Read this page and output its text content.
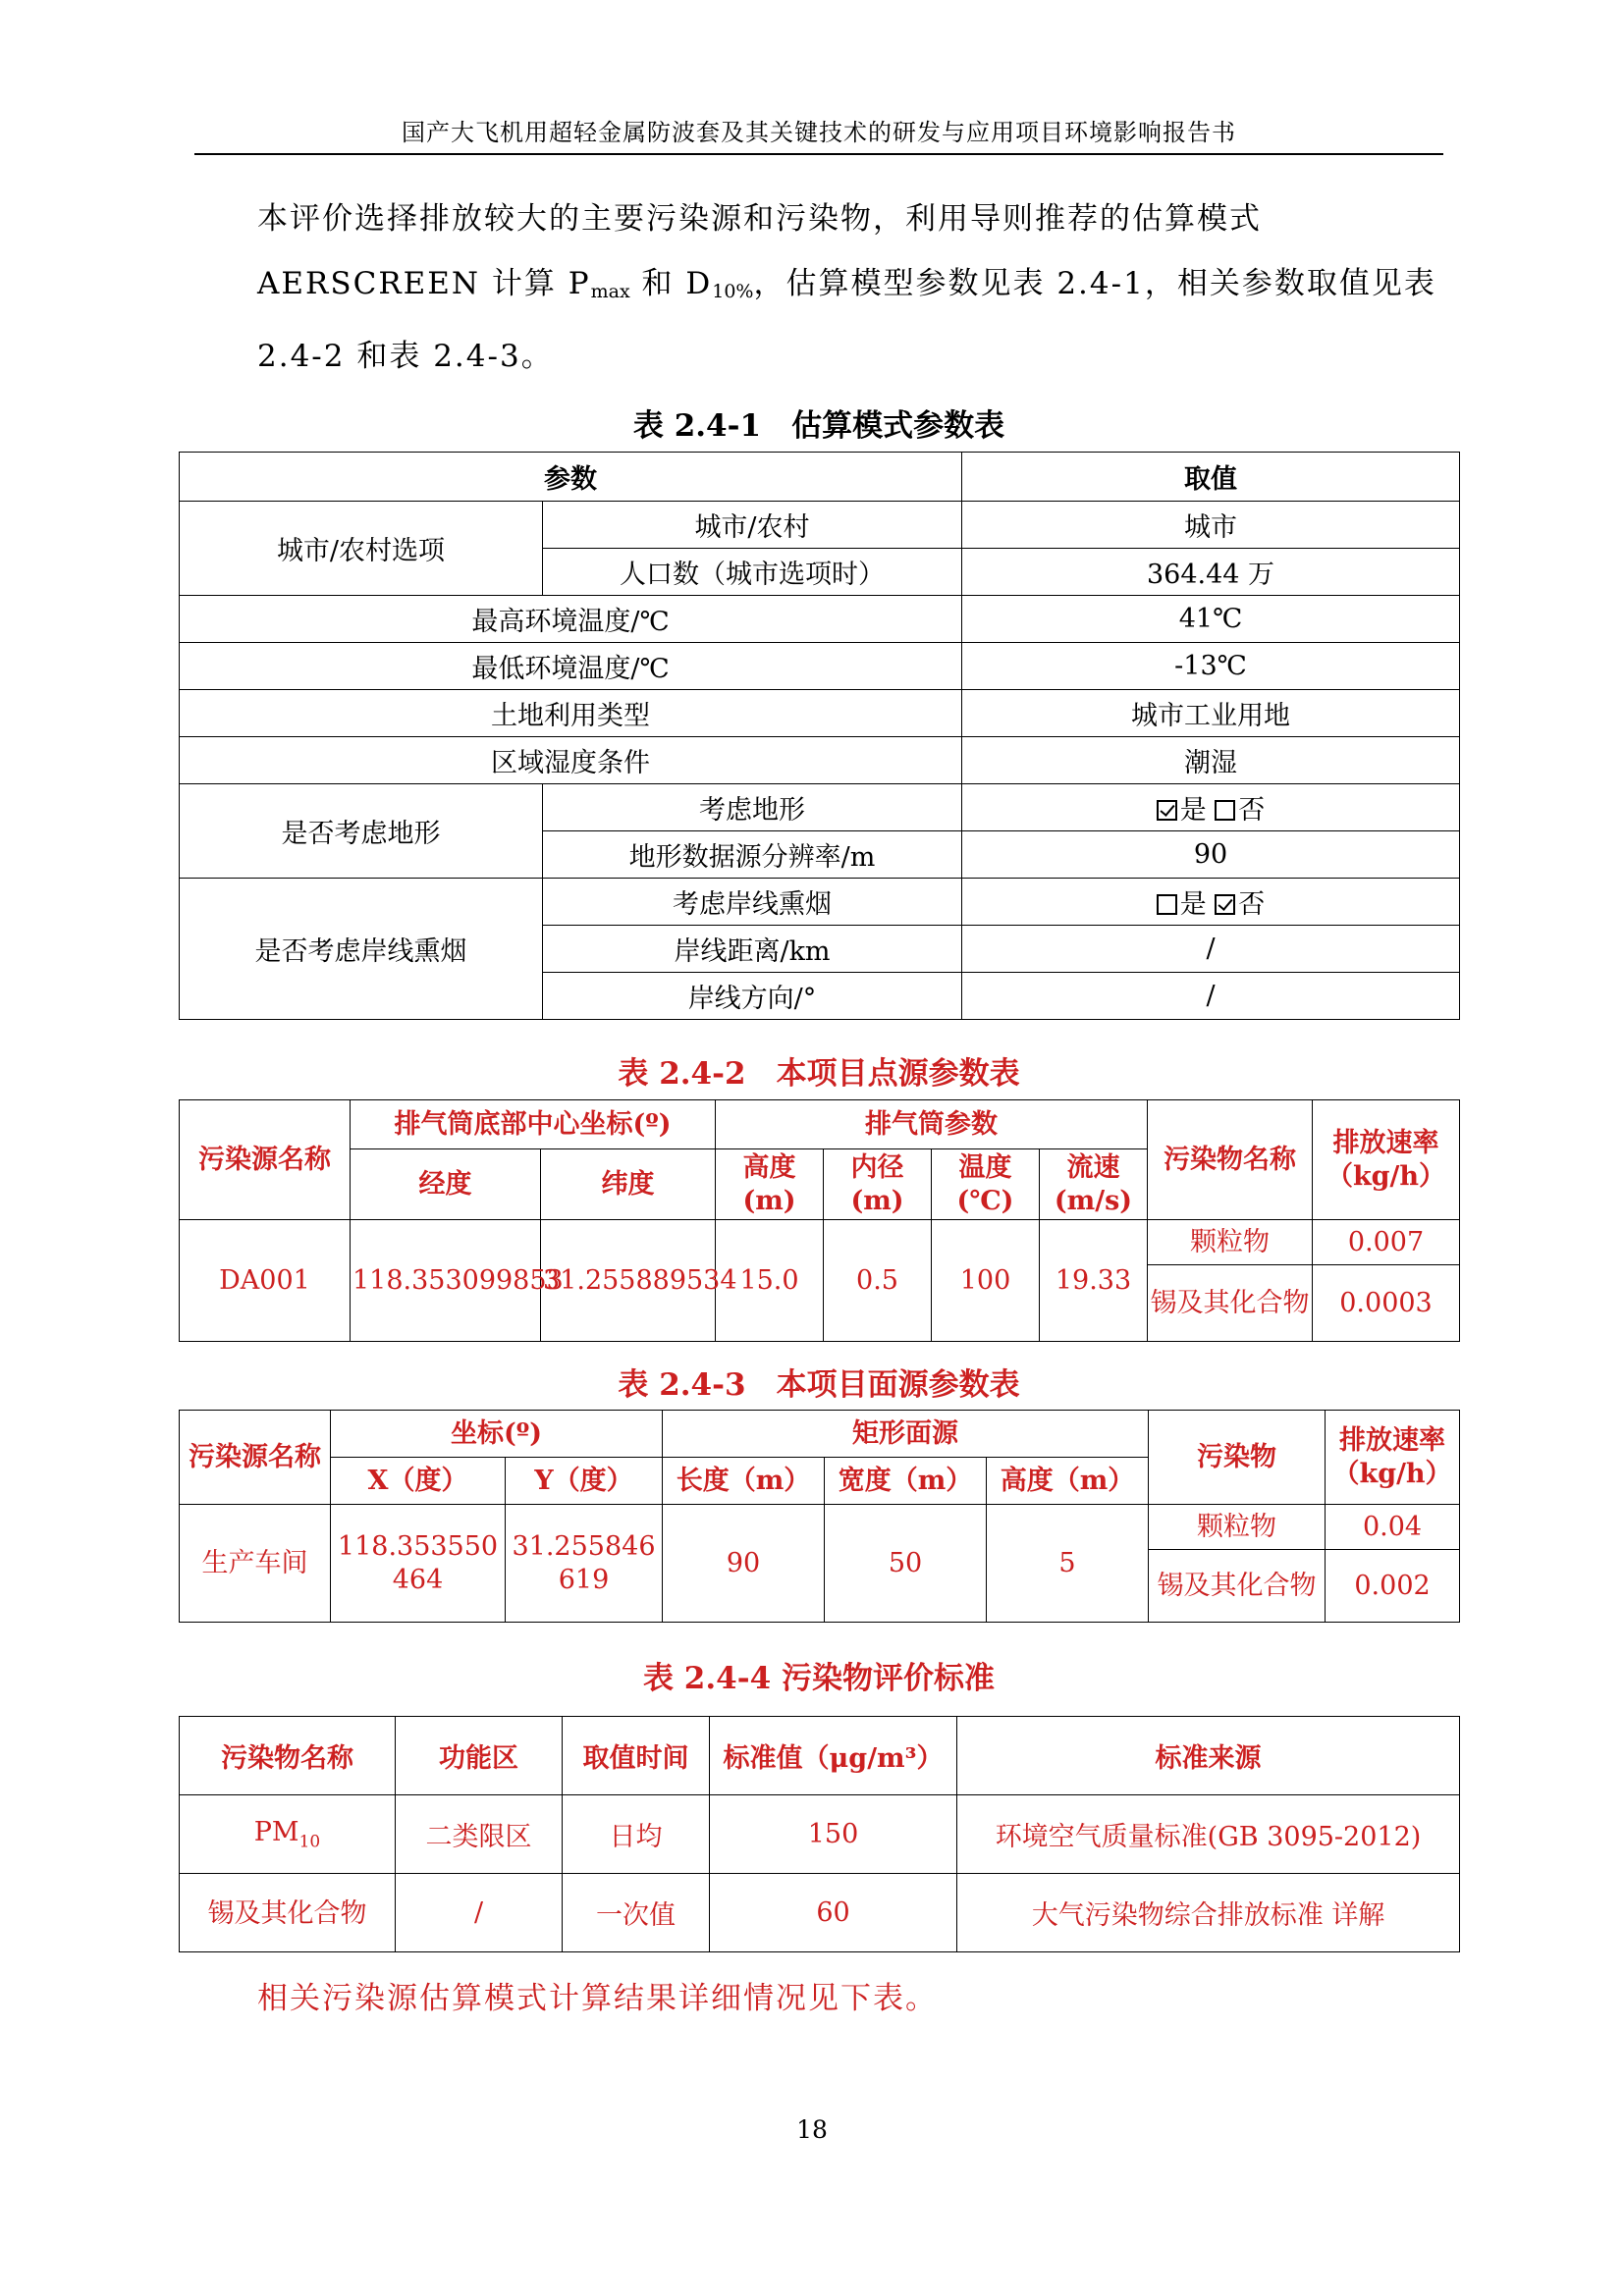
国产大飞机用超轻金属防波套及其关键技术的研发与应用项目环境影响报告书
本评价选择排放较大的主要污染源和污染物，利用导则推荐的估算模式AERSCREEN 计算 $P_{max}$ 和 $D_{10\%}$，估算模型参数见表 2.4-1，相关参数取值见表 2.4-2 和表 2.4-3。
表 2.4-1　估算模式参数表
参数		取值
城市/农村选项	城市/农村	城市
	人口数（城市选项时）	364.44 万
最高环境温度/℃		41℃
最低环境温度/℃		-13℃
土地利用类型		城市工业用地
区域湿度条件		潮湿
是否考虑地形	考虑地形	是 否
	地形数据源分辨率/m	90
是否考虑岸线熏烟	考虑岸线熏烟	是 否
	岸线距离/km	/
	岸线方向/°	/
表 2.4-2　本项目点源参数表
污染源名称	排气筒底部中心坐标(º)		排气筒参数				污染物名称	排放速率（kg/h）
	经度	纬度	高度(m)	内径(m)	温度(℃)	流速(m/s)		
DA001	118.353099853	31.255889534	15.0	0.5	100	19.33	颗粒物	0.007
							锡及其化合物	0.0003
表 2.4-3　本项目面源参数表
污染源名称	坐标(º)		矩形面源			污染物	排放速率（kg/h）
	X（度）	Y（度）	长度（m）	宽度（m）	高度（m）		
生产车间	118.353550464	31.255846619	90	50	5	颗粒物	0.04
						锡及其化合物	0.002
表 2.4-4 污染物评价标准
污染物名称	功能区	取值时间	标准值（μg/m³）	标准来源
$PM_{10}$	二类限区	日均	150	环境空气质量标准(GB 3095-2012)
锡及其化合物	/	一次值	60	大气污染物综合排放标准 详解
相关污染源估算模式计算结果详细情况见下表。
18
